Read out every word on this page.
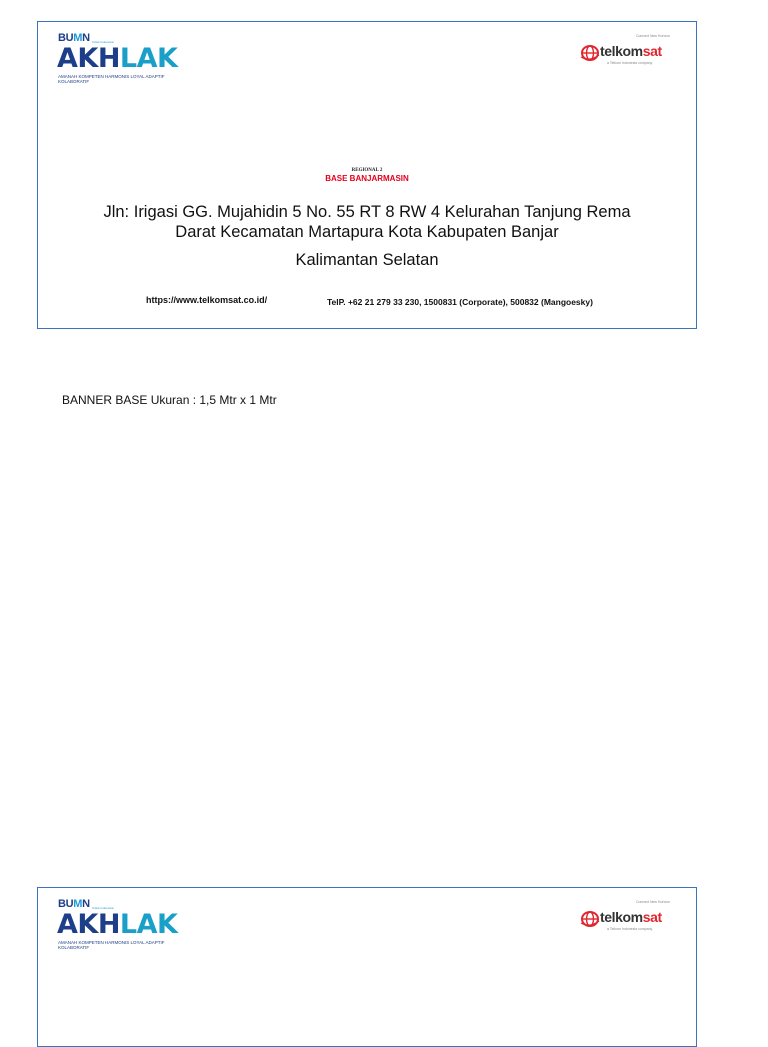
BUMN Untuk Indonesia
AKHLAK
AMANAH KOMPETEN HARMONIS LOYAL ADAPTIF KOLABORATIF
Connect New Horizon
telkomsat
a Telkom Indonesia company
REGIONAL 2
BASE BANJARMASIN
Jln: Irigasi GG. Mujahidin 5 No. 55 RT 8 RW 4 Kelurahan Tanjung Rema
Darat Kecamatan Martapura Kota Kabupaten Banjar
Kalimantan Selatan
https://www.telkomsat.co.id/	TelP. +62 21 279 33 230, 1500831 (Corporate), 500832 (Mangoesky)
BANNER BASE Ukuran : 1,5 Mtr x 1 Mtr
BUMN Untuk Indonesia
AKHLAK
AMANAH KOMPETEN HARMONIS LOYAL ADAPTIF KOLABORATIF
Connect New Horizon
telkomsat
a Telkom Indonesia company
